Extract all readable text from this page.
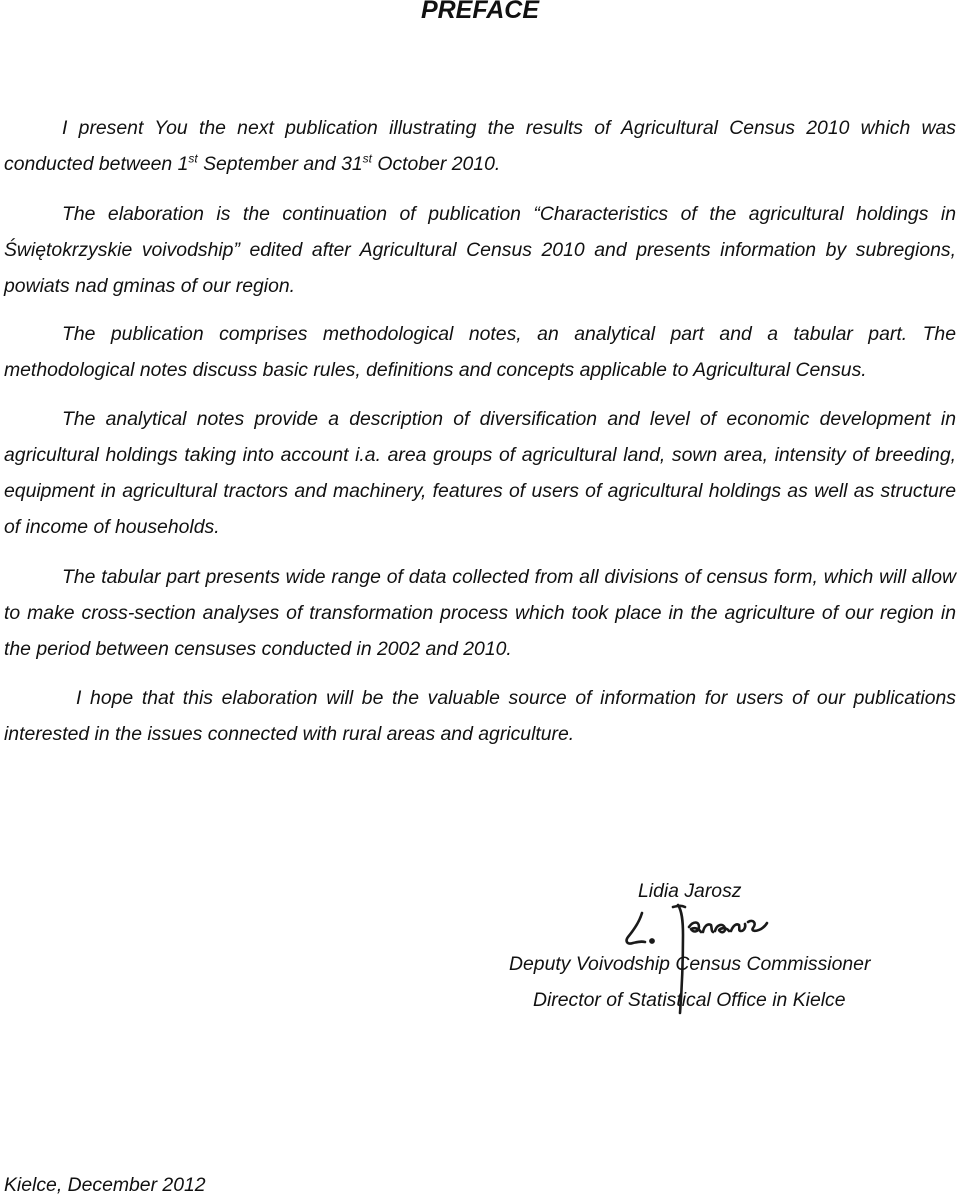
PREFACE

I present You the next publication illustrating the results of Agricultural Census 2010 which was conducted between 1st September and 31st October 2010.

The elaboration is the continuation of publication “Characteristics of the agricultural holdings in Świętokrzyskie voivodship” edited after Agricultural Census 2010 and presents information by subregions, powiats nad gminas of our region.

The publication comprises methodological notes, an analytical part and a tabular part. The methodological notes discuss basic rules, definitions and concepts applicable to Agricultural Census.

The analytical notes provide a description of diversification and level of economic development in agricultural holdings taking into account i.a. area groups of agricultural land, sown area, intensity of breeding, equipment in agricultural tractors and machinery, features of users of agricultural holdings as well as structure of income of households.

The tabular part presents wide range of data collected from all divisions of census form, which will allow to make cross-section analyses of transformation process which took place in the agriculture of our region in the period between censuses conducted in 2002 and 2010.

I hope that this elaboration will be the valuable source of information for users of our publications interested in the issues connected with rural areas and agriculture.

Lidia Jarosz

Deputy Voivodship Census Commissioner

Director of Statistical Office in Kielce

Kielce, December 2012
